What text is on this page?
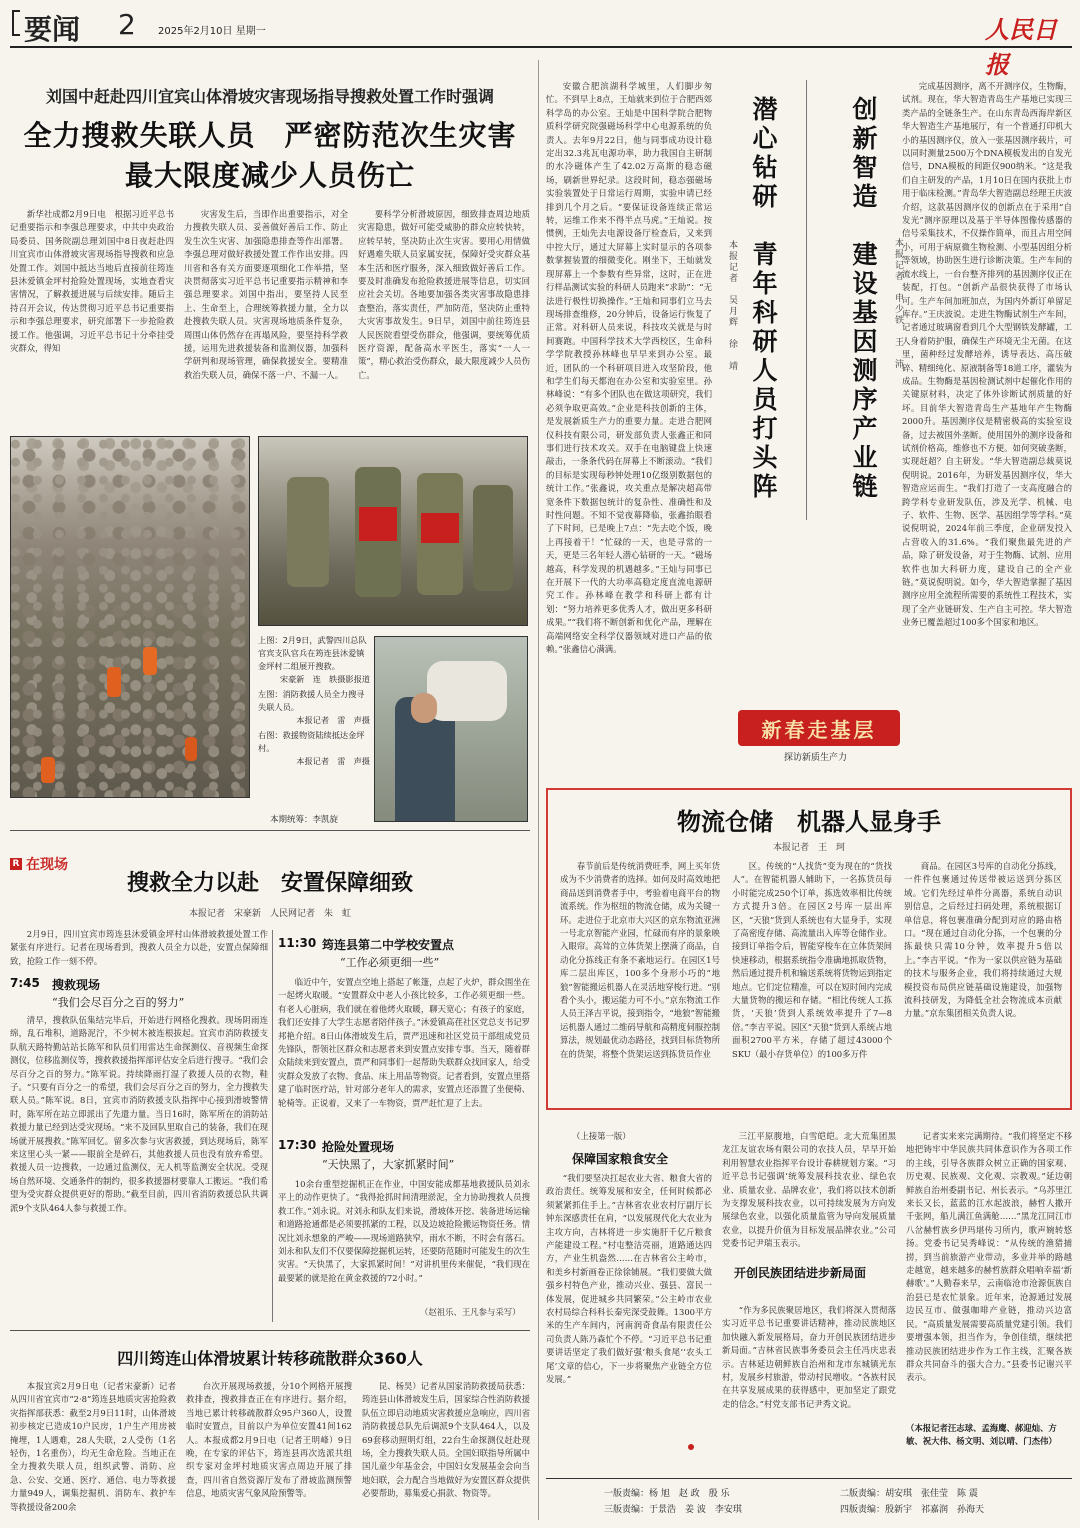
要闻 2 2025年2月10日 星期一	人民日报
刘国中赶赴四川宜宾山体滑坡灾害现场指导搜救处置工作时强调
全力搜救失联人员　严密防范次生灾害
最大限度减少人员伤亡
新华社成都2月9日电　根据习近平总书记重要指示和李强总理要求，中共中央政治局委员、国务院副总理刘国中8日夜赶赴四川宜宾市山体滑坡灾害现场指导搜救和应急处置工作。刘国中抵达当地后直接前往筠连县沐爱镇金坪村抢险处置现场，实地查看灾害情况，了解救援进展与后续安排。随后主持召开会议，传达贯彻习近平总书记重要指示和李强总理要求，研究部署下一步抢险救援工作。他强调，习近平总书记十分牵挂受灾群众，得知
灾害发生后，当即作出重要指示，对全力搜救失联人员、妥善做好善后工作、防止发生次生灾害、加强隐患排查等作出部署。李强总理对做好救援处置工作作出安排。四川省和各有关方面要逐项细化工作举措，坚决贯彻落实习近平总书记重要指示精神和李强总理要求。刘国中指出，要坚持人民至上、生命至上，合理统筹救援力量，全力以赴搜救失联人员。灾害现场地质条件复杂，周围山体仍然存在再塌风险，要坚持科学救援，运用先进救援装备和监测仪器，加强科学研判和现场管理，确保救援安全。要精准救治失联人员，确保不落一户、不漏一人。
要科学分析滑坡原因，细致排查周边地质灾害隐患，做好可能受威胁的群众应转快转，应转早转，坚决防止次生灾害。要用心用情做好遇难失联人员家属安抚，保障好受灾群众基本生活和医疗服务，深入细致做好善后工作。要及时准确发布抢险救援进展等信息，切实回应社会关切。各地要加强各类灾害事故隐患排查整治，落实责任，严加防范，坚决防止重特大灾害事故发生。9日早，刘国中前往筠连县人民医院看望受伤群众，他强调，要统筹优质医疗资源，配备高水平医生，落实“一人一策”，精心救治受伤群众，最大限度减少人员伤亡。
上图：2月9日，武警四川总队官宾支队官兵在筠连县沐爱镇金坪村二组展开搜救。
宋豪新　连　轶摄影报道
左图：消防救援人员全力搜寻失联人员。
本报记者　雷　声摄
右图：救援物资陆续抵达金坪村。
本报记者　雷　声摄
本期统筹：李凯旋
R 在现场
搜救全力以赴　安置保障细致
本报记者　宋豪新　人民网记者　朱　虹
2月9日，四川宜宾市筠连县沐爱镇金坪村山体滑坡救援处置工作紧张有序进行。记者在现场看到，搜救人员全力以赴，安置点保障细致，抢险工作一刻不停。
7:45 搜救现场
“我们会尽百分之百的努力”
清早，搜救队伍集结完毕后，开始进行网格化搜救。现场阴雨连绵，乱石堆积，道路泥泞，不少树木被连根拔起。宜宾市消防救援支队航天路特勤站站长陈军和队员们用雷达生命探测仪、音视频生命探测仪，位移监测仪等，搜救救援指挥部评估安全后进行搜寻。“我们会尽百分之百的努力。”陈军说。持续降雨打湿了救援人员的衣物，鞋子。“只要有百分之一的希望，我们会尽百分之百的努力，全力搜救失联人员。”陈军说。8日，宜宾市消防救援支队指挥中心接到滑坡警情时，陈军所在站立即派出了先遣力量。当日16时，陈军所在的消防站救援力量已经到达受灾现场。“来不及回队里取自己的装备，我们在现场就开展搜救。”陈军回忆。留多次参与灾害救援，到达现场后，陈军来这里心头一紧——眼前全是碎石，其他救援人员也没有放弃希望。救援人员一边搜救，一边通过监测仪，无人机等监测安全状况。受现场自然环境、交通条件的制约，很多救援器材要靠人工搬运。“我们希望为受灾群众提供更好的帮助。”截至目前，四川省消防救援总队共调派9个支队464人参与救援工作。
11:30 筠连县第二中学校安置点
“工作必须更细一些”
临近中午，安置点空地上搭起了帐篷，点起了火炉，群众围坐在一起烤火取暖。“安置群众中老人小孩比较多，工作必须更细一些。有老人心脏病，我们就在着他烤火取暖，聊天宽心；有孩子的家庭，我们还安排了大学生志愿者陪伴孩子。”沐爱镇高荏社区党总支书记罗邦艳介绍。8日山体滑坡发生后，贾严迅速和社区党员干部组成党员先锋队，帮领社区群众和志愿者来到安置点安排专事。当天，随着群众陆续来到安置点，贾严和同事们一起帮助失联群众找回家人，给受灾群众发放了衣物、食品、床上用品等物资。记者看到，安置点里搭建了临时医疗站，针对部分老年人的需求，安置点还添置了坐便椅、轮椅等。正说着，又来了一车物资，贾严赶忙迎了上去。
17:30 抢险处置现场
“天快黑了，大家抓紧时间”
10余台重型挖掘机正在作业，中国安能成都基地救援队员刘永平上的动作更快了。“我得抢抓时间清理淤泥，全力协助搜救人员搜救工作。”刘永说。对刘永和队友们来说，滑坡体开挖、装备进场运输和道路抢通都是必须要抓紧的工程，以及边坡抢险搬运物资任务。情况比刘永想象的严峻——现场道路狭窄，雨水不断，不时会有落石。刘永和队友们不仅要保障挖掘机运转，还要防范随时可能发生的次生灾害。“天快黑了，大家抓紧时间！”对讲机里传来催促，“我们现在最要紧的就是抢在黄金救援的72小时。”
（赵祖乐、王凡参与采写）
四川筠连山体滑坡累计转移疏散群众360人
本报宜宾2月9日电（记者宋豪新）记者从四川省宜宾市“2·8”筠连县地质灾害抢险救灾指挥部获悉：截至2月9日11时，山体滑坡初步核定已造成10户民房，1户生产用房被掩埋，1人遇难，28人失联，2人受伤（1名轻伤，1名重伤），均无生命危险。当地正在全力搜救失联人员，组织武警、消防、应急、公安、交通、医疗、通信、电力等救援力量949人，调集挖掘机、消防车、救护车等救援设备200余
台次开展现场救援，分10个网格开展搜救排查，搜救排查正在有序进行。据介绍，当地已累计转移疏散群众95户360人，设置临时安置点，目前以户为单位安置41间162人。本报成都2月9日电（记者王明峰）9日晚，在专家的评估下，筠连县再次选派共组织专家对金坪村地质灾害点周边开展了排查，四川省自然资源厅发布了滑坡监测预警信息，地质灾害气象风险预警等。
昆、杨昊）记者从国家消防救援局获悉：筠连县山体滑坡发生后，国家综合性消防救援队伍立即启动地质灾害救援应急响应，四川省消防救援总队先后调派9个支队464人，以及69套移动照明灯组，22台生命探测仪赶赴现场，全力搜救失联人员。全国妇联指导所属中国儿童少年基金会，中国妇女发展基金会向当地妇联，会力配合当地做好为安置区群众提供必要帮助，募集爱心捐款、物资等。
安徽合肥滨湖科学城里，人们脚步匆忙。不到早上8点，王灿就来到位于合肥西郊科学岛的办公室。王灿是中国科学院合肥物质科学研究院强磁场科学中心电源系统的负责人。去年9月22日，他与同事成功设计稳定出32.3兆瓦电源功率，助力我国自主研制的水冷磁体产生了42.02万高斯的稳态磁场，刷新世界纪录。这段时间，稳态强磁场实验装置处于日常运行周期，实验申请已经排到几个月之后。“要保证设备连续正常运转，运维工作来不得半点马虎。”王灿说。按惯例，王灿先去电源设备厅检查后，又来到中控大厅，通过大屏幕上实时显示的各项参数掌握装置的细微变化。刚坐下，王灿就发现屏幕上一个参数有些异常，这时，正在进行样品测试实验的科研人员跑来“求助”：“无法进行极性切换操作。”王灿和同事们立马去现场排查维修，20分钟后，设备运行恢复了正常。对科研人员来说，科技攻关就是与时间赛跑。中国科学技术大学西校区，生命科学学院教授孙林峰也早早来到办公室。最近，团队的一个科研项目进入攻坚阶段，他和学生们每天都泡在办公室和实验室里。孙林峰说：“有多个团队也在做这项研究，我们必须争取更高效。”企业是科技创新的主体，是发展新质生产力的重要力量。走进合肥网仪科技有限公司，研发部负责人张鑫正和同事们进行技术攻关。双手在电脑键盘上快速敲击，一条条代码在屏幕上不断滚动。“我们的目标是实现每秒钟处理10亿级别数据包的统计工作。”张鑫说，攻关重点是解决超高带宽条件下数据包统计的复杂性、准确性和及时性问题。不知不觉夜幕降临，张鑫抬眼看了下时间，已是晚上7点：“先去吃个饭，晚上再接着干！”忙碌的一天，也是寻常的一天，更是三名年轻人潜心钻研的一天。“磁场越高，科学发现的机遇越多。”王灿与同事已在开展下一代的大功率高稳定度直流电源研究工作。孙林峰在教学和科研上都有计划：“努力培养更多优秀人才，做出更多科研成果。”“我们将不断创新和优化产品，理解在高端网络安全科学仪器领域对进口产品的依赖。”张鑫信心满满。
潜心钻研　青年科研人员打头阵
本报记者　吴月辉　徐　靖	创新智造　建设基因测序产业链 本报记者　申少铁　王　沛
完成基因测序，离不开测序仪，生物酶，试剂。现在，华大智造青岛生产基地已实现三类产品的全链条生产。在山东青岛西海岸新区华大智造生产基地展厅，有一个普通打印机大小的基因测序仪，放入一张基因测序载片，可以同时测量2500万个DNA模板发出的自发光信号，DNA模板的间距仅900纳米。“这是我们自主研发的产品，1月10日在国内获批上市用于临床检测。”青岛华大智造副总经理王庆波介绍，这款基因测序仪的创新点在于采用“自发光”测序原理以及基于半导体图像传感器的信号采集技术，不仅操作简单，而且占用空间小，可用于病原微生物检测、小型基因组分析等领域，协助医生进行诊断决策。生产车间的流水线上，一台台整齐排列的基因测序仪正在装配，打包。“创新产品很快获得了市场认可。生产车间加班加点，为国内外新订单留足库存。”王庆波说。走进生物酶试剂生产车间，记者通过玻璃窗看到几个大型钢铁发酵罐，工人身着防护服，确保生产环境无尘无菌。在这里，菌种经过发酵培养，诱导表达、高压破碎、精细纯化、原液制备等18道工序，灌装为成品。生物酶是基因检测试剂中起催化作用的关键原材料，决定了体外诊断试剂质量的好坏。目前华大智造青岛生产基地年产生物酶2000升。基因测序仪是精密极高的实验室设备，过去被国外垄断。使用国外的测序设备和试剂价格高，维修也不方便。如何突破垄断，实现赶超？自主研发。“华大智造副总裁莫说倪明说。2016年，为研发基因测序仪，华大智造应运而生。“我们打造了一支高度融合的跨学科专业研发队伍，涉及光学、机械、电子、软件、生物、医学、基因组学等学科。”莫说倪明说，2024年前三季度，企业研发投入占营收入的31.6%。“我们聚焦最先进的产品，除了研发设备，对于生物酶、试剂、应用软件也加大科研力度，建设自己的全产业链。”莫说倪明说。如今，华大智造掌握了基因测序应用全流程所需要的系统性工程技术，实现了全产业链研发、生产自主可控。华大智造业务已覆盖超过100多个国家和地区。
新春走基层
探访新质生产力
物流仓储　机器人显身手
本报记者　王　珂
春节前后是传统消费旺季，网上买年货成为不少消费者的选择。如何及时高效地把商品送到消费者手中，考验着电商平台的物流系统。作为枢纽的物流仓储，成为关键一环。走进位于北京市大兴区的京东物流亚洲一号北京智能产业园，忙碌而有序的景象映入眼帘。高耸的立体货架上摆满了商品，自动化分拣线正有条不紊地运行。在园区1号库二层出库区，100多个身形小巧的“地狼”智能搬运机器人在灵活地穿梭行进。“别看个头小，搬运能力可不小。”京东物流工作人员王泽吉平说，接到指令，“地狼”智能搬运机器人通过二维码导航和高精度伺服控制算法，规划最优动态路径，找到目标货物所在的货架，将整个货架运送到拣货员作业
区。传统的“人找货”变为现在的“货找人”。在智能机器人辅助下，一名拣货员每小时能完成250个订单，拣选效率相比传统方式提升3倍。在园区2号库一层出库区，“天狼”货到人系统也有大显身手，实现了高密度存储、高流量出入库等仓储作业。接到订单指令后，智能穿梭车在立体货架间快速移动，根据系统指令准确地抓取货物，然后通过提升机和输送系统将货物运到指定地点。它们定位精准，可以在短时间内完成大量货物的搬运和存储。“相比传统人工拣货，‘天狼’货到人系统效率提升了7—8倍。”李吉平说。园区“天狼”货到人系统占地面积2700平方米，存储了超过43000个SKU（最小存货单位）的100多万件
商品。在园区3号库的自动化分拣线，一件件包裹通过传送带被运送到分拣区域。它们先经过单件分离器，系统自动识别信息，之后经过扫码处理，系统根据订单信息，将包裹准确分配到对应的路由格口。“现在通过自动化分拣，一个包裹的分拣最快只需10分钟，效率提升5倍以上。”李吉平说。“作为一家以供应链为基础的技术与服务企业，我们将持续通过大规模投资布局供应链基础设施建设，加强物流科技研发，为降低全社会物流成本贡献力量。”京东集团相关负责人说。
（上接第一版）
保障国家粮食安全
“我们要坚决扛起农业大省、粮食大省的政治责任。统筹发展和安全，任何时候都必须紧紧抓住手上。”吉林省农业农村厅副厅长钟东深感责任在肩，“以发展现代化大农业为主攻方向，吉林将进一步实施肝千亿斤粮食产能建设工程。”村屯整洁亮丽，道路通达四方，产业生机盎然……在吉林省公主岭市，和美乡村新画卷正徐徐铺展。“我们要做大做强乡村特色产业，推动兴业、强县、富民一体发展，促进城乡共同繁荣。”公主岭市农业农村局综合科科长秦宪深受鼓舞。1300平方米的生产车间内，河南润奇食品有限责任公司负责人陈乃森忙个不停。“习近平总书记重要讲话坚定了我们做好强‘粮头食尾’‘农头工尾’文章的信心，下一步将聚焦产业链全方位发展。”
三江平原腹地，白雪皑皑。北大荒集团黑龙江友谊农场有限公司的农技人员，早早开始利用智慧农业指挥平台设计春耕规划方案。“习近平总书记强调‘统筹发展科技农业、绿色农业、质量农业、品牌农业’，我们将以技术创新为支撑发展科技农业，以可持续发展为方向发展绿色农业，以强化质量监管为导向发展质量农业，以提升价值为目标发展品牌农业。”公司党委书记尹瑞玉表示。
开创民族团结进步新局面
“作为多民族聚居地区，我们将深入贯彻落实习近平总书记重要讲话精神，推动民族地区加快融入新发展格局，奋力开创民族团结进步新局面。”吉林省民族事务委员会主任冯庆忠表示。吉林延边朝鲜族自治州和龙市东城镇光东村，发展乡村旅游，带动村民增收。“各族村民在共享发展成果的获得感中，更加坚定了跟党走的信念。”村党支部书记尹秀文说。
记者实来来完满期待。“我们将坚定不移地把铸牢中华民族共同体意识作为各项工作的主线，引导各族群众树立正确的国家观、历史观、民族观、文化观、宗教观。”延边朝鲜族自治州委副书记、州长表示。“乌苏里江来长又长，蓝蓝的江水起波浪，赫哲人撒开千张网，船儿满江鱼满舱……”黑龙江同江市八岔赫哲族乡伊玛堪传习所内，歌声婉转悠扬。党委书记吴秀峰说：“从传统的渔猎捕捞，到当前旅游产业带动，多业并举的路越走越宽，越来越多的赫哲族群众唱响幸福‘新赫歌’。”人勤春来早，云南临沧市沧源佤族自治县已是农忙景象。近年来，沧源通过发展边民互市、做强咖啡产业链，推动兴边富民。“高质量发展需要高质量党建引领。我们要增强本领，担当作为，争创佳绩，继续把推动民族团结进步作为工作主线，汇聚各族群众共同奋斗的强大合力。”县委书记谢兴平表示。
（本报记者汪志球、孟海鹰、郝迎灿、方敏、祝大伟、杨文明、刘以晴、门杰伟）
一版责编：杨 旭　赵 政　殷 乐
三版责编：于景浩　姜 波　李安琪
二版责编：胡安琪　张佳莹　陈 震
四版责编：殷新宇　祁嘉润　孙海天
